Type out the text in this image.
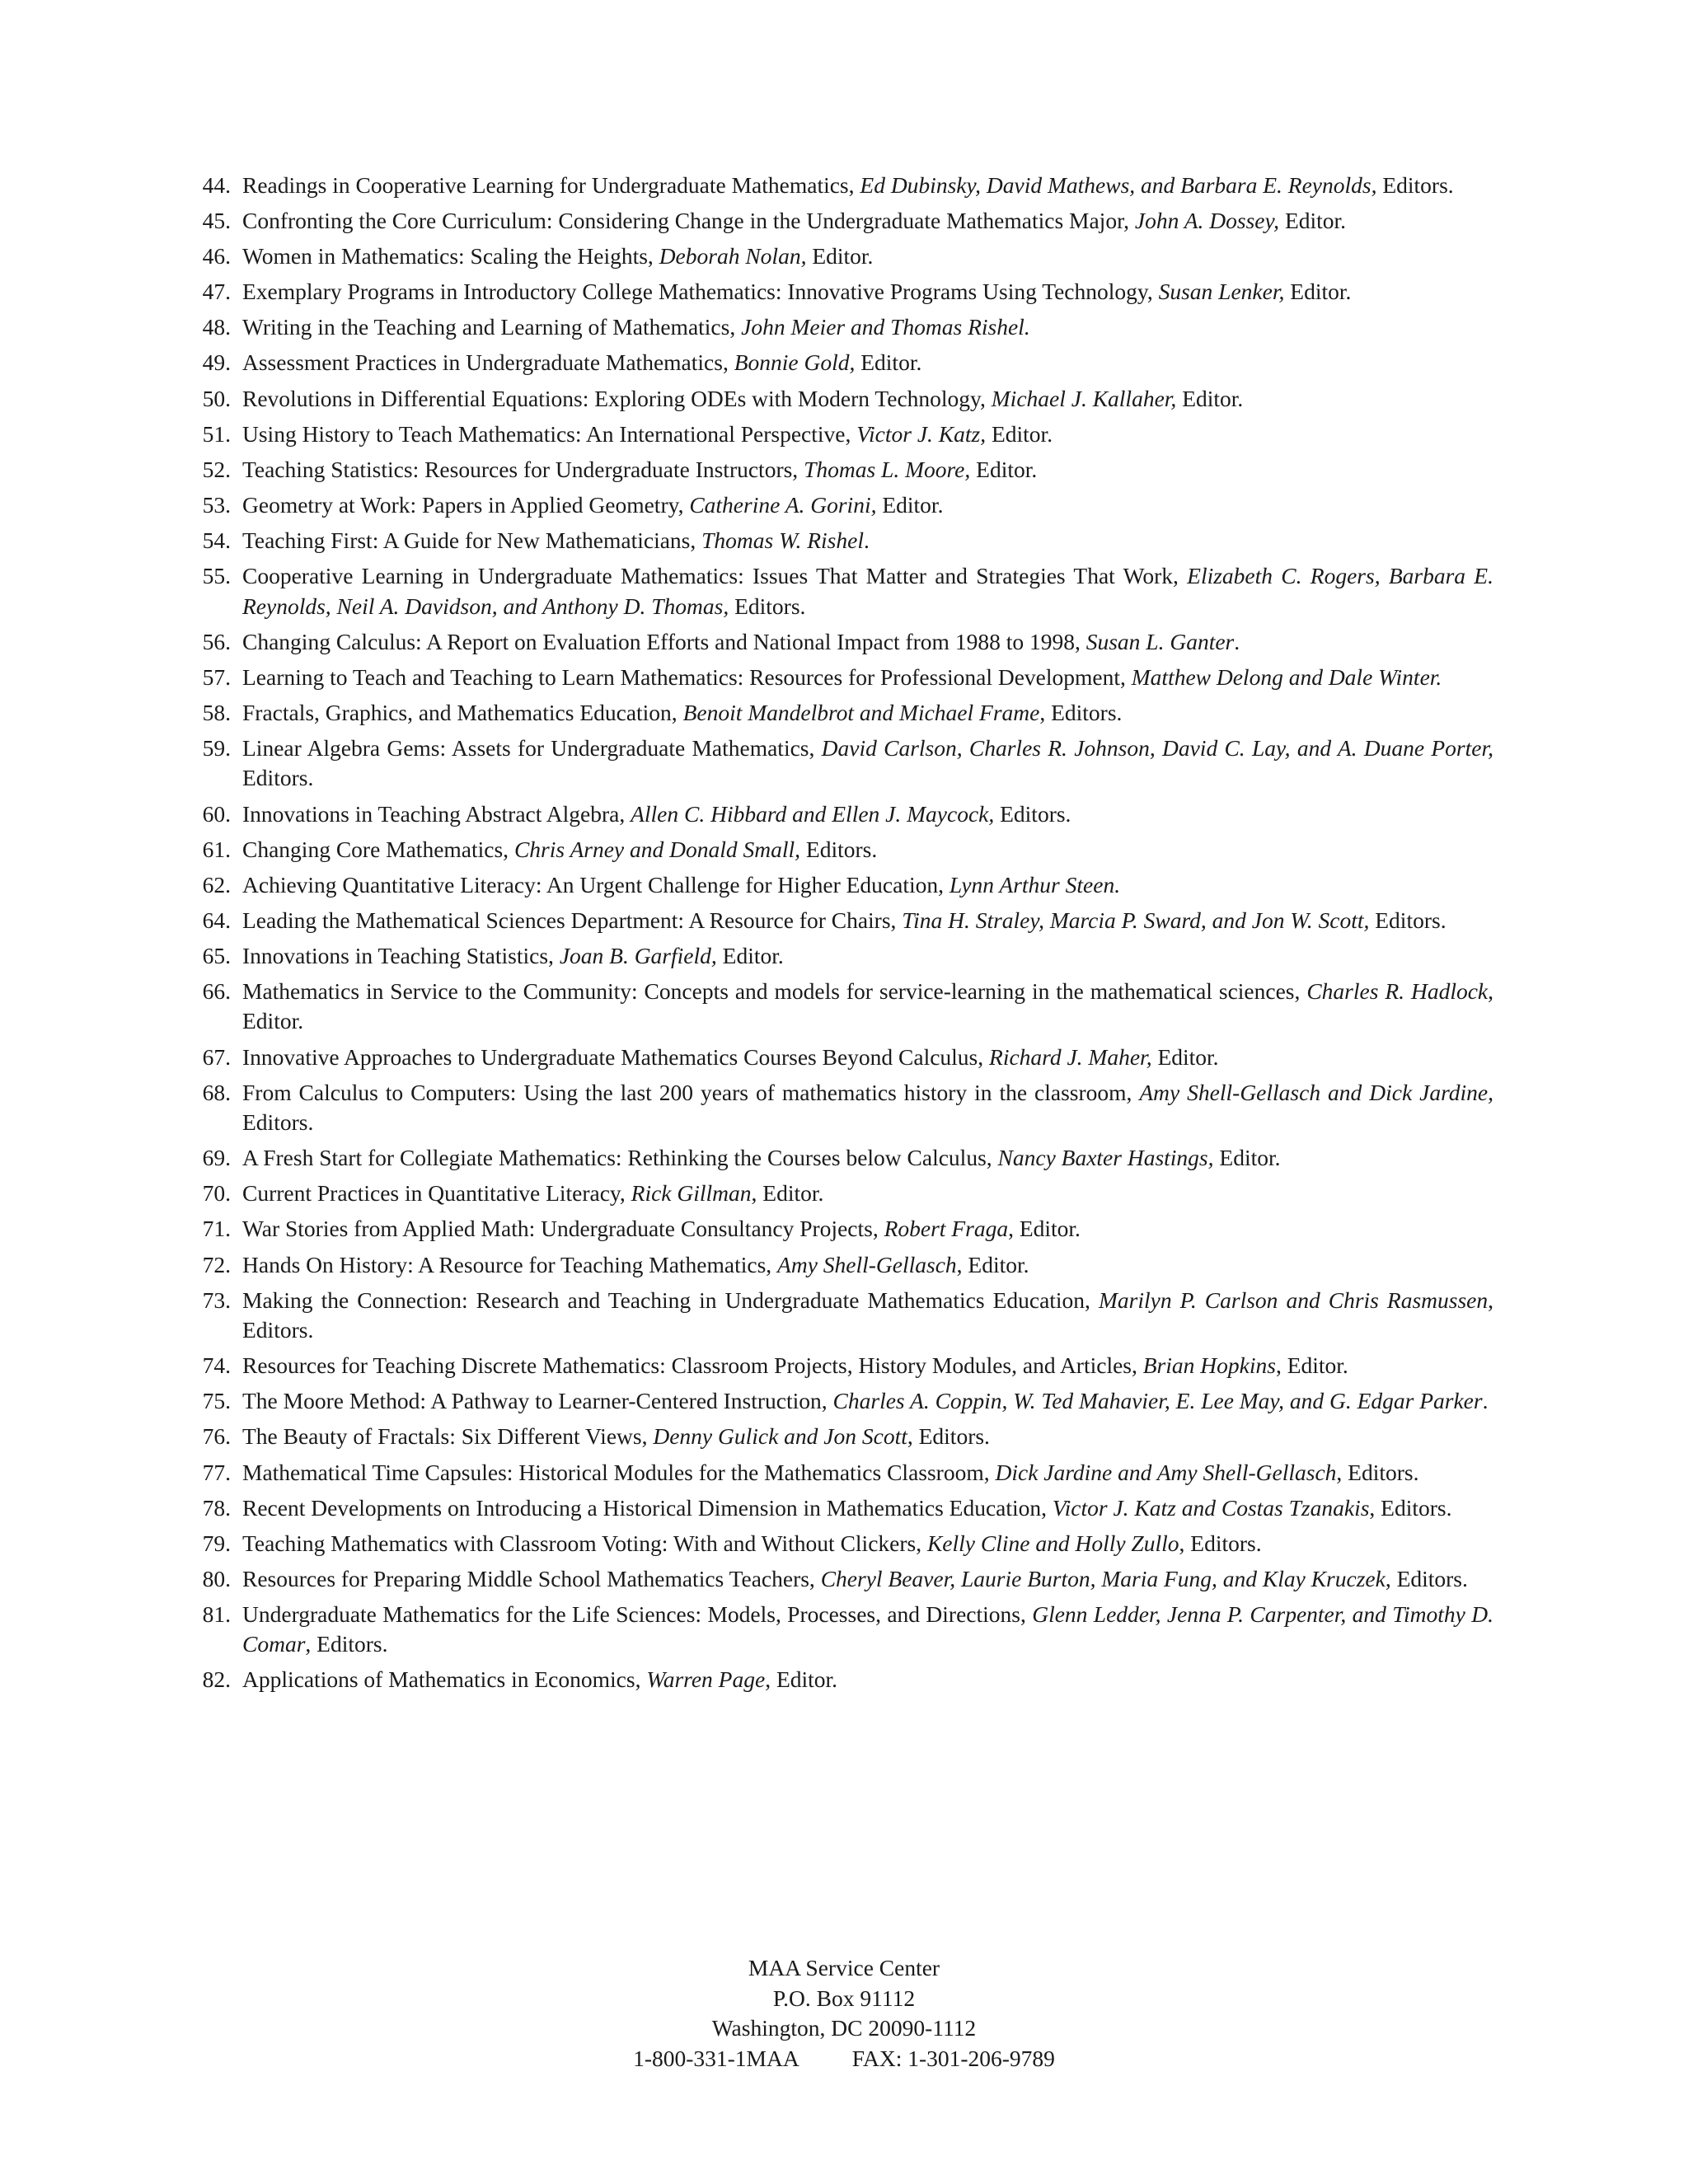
44. Readings in Cooperative Learning for Undergraduate Mathematics, Ed Dubinsky, David Mathews, and Barbara E. Reynolds, Editors.
45. Confronting the Core Curriculum: Considering Change in the Undergraduate Mathematics Major, John A. Dossey, Editor.
46. Women in Mathematics: Scaling the Heights, Deborah Nolan, Editor.
47. Exemplary Programs in Introductory College Mathematics: Innovative Programs Using Technology, Susan Lenker, Editor.
48. Writing in the Teaching and Learning of Mathematics, John Meier and Thomas Rishel.
49. Assessment Practices in Undergraduate Mathematics, Bonnie Gold, Editor.
50. Revolutions in Differential Equations: Exploring ODEs with Modern Technology, Michael J. Kallaher, Editor.
51. Using History to Teach Mathematics: An International Perspective, Victor J. Katz, Editor.
52. Teaching Statistics: Resources for Undergraduate Instructors, Thomas L. Moore, Editor.
53. Geometry at Work: Papers in Applied Geometry, Catherine A. Gorini, Editor.
54. Teaching First: A Guide for New Mathematicians, Thomas W. Rishel.
55. Cooperative Learning in Undergraduate Mathematics: Issues That Matter and Strategies That Work, Elizabeth C. Rogers, Barbara E. Reynolds, Neil A. Davidson, and Anthony D. Thomas, Editors.
56. Changing Calculus: A Report on Evaluation Efforts and National Impact from 1988 to 1998, Susan L. Ganter.
57. Learning to Teach and Teaching to Learn Mathematics: Resources for Professional Development, Matthew Delong and Dale Winter.
58. Fractals, Graphics, and Mathematics Education, Benoit Mandelbrot and Michael Frame, Editors.
59. Linear Algebra Gems: Assets for Undergraduate Mathematics, David Carlson, Charles R. Johnson, David C. Lay, and A. Duane Porter, Editors.
60. Innovations in Teaching Abstract Algebra, Allen C. Hibbard and Ellen J. Maycock, Editors.
61. Changing Core Mathematics, Chris Arney and Donald Small, Editors.
62. Achieving Quantitative Literacy: An Urgent Challenge for Higher Education, Lynn Arthur Steen.
64. Leading the Mathematical Sciences Department: A Resource for Chairs, Tina H. Straley, Marcia P. Sward, and Jon W. Scott, Editors.
65. Innovations in Teaching Statistics, Joan B. Garfield, Editor.
66. Mathematics in Service to the Community: Concepts and models for service-learning in the mathematical sciences, Charles R. Hadlock, Editor.
67. Innovative Approaches to Undergraduate Mathematics Courses Beyond Calculus, Richard J. Maher, Editor.
68. From Calculus to Computers: Using the last 200 years of mathematics history in the classroom, Amy Shell-Gellasch and Dick Jardine, Editors.
69. A Fresh Start for Collegiate Mathematics: Rethinking the Courses below Calculus, Nancy Baxter Hastings, Editor.
70. Current Practices in Quantitative Literacy, Rick Gillman, Editor.
71. War Stories from Applied Math: Undergraduate Consultancy Projects, Robert Fraga, Editor.
72. Hands On History: A Resource for Teaching Mathematics, Amy Shell-Gellasch, Editor.
73. Making the Connection: Research and Teaching in Undergraduate Mathematics Education, Marilyn P. Carlson and Chris Rasmussen, Editors.
74. Resources for Teaching Discrete Mathematics: Classroom Projects, History Modules, and Articles, Brian Hopkins, Editor.
75. The Moore Method: A Pathway to Learner-Centered Instruction, Charles A. Coppin, W. Ted Mahavier, E. Lee May, and G. Edgar Parker.
76. The Beauty of Fractals: Six Different Views, Denny Gulick and Jon Scott, Editors.
77. Mathematical Time Capsules: Historical Modules for the Mathematics Classroom, Dick Jardine and Amy Shell-Gellasch, Editors.
78. Recent Developments on Introducing a Historical Dimension in Mathematics Education, Victor J. Katz and Costas Tzanakis, Editors.
79. Teaching Mathematics with Classroom Voting: With and Without Clickers, Kelly Cline and Holly Zullo, Editors.
80. Resources for Preparing Middle School Mathematics Teachers, Cheryl Beaver, Laurie Burton, Maria Fung, and Klay Kruczek, Editors.
81. Undergraduate Mathematics for the Life Sciences: Models, Processes, and Directions, Glenn Ledder, Jenna P. Carpenter, and Timothy D. Comar, Editors.
82. Applications of Mathematics in Economics, Warren Page, Editor.
MAA Service Center
P.O. Box 91112
Washington, DC 20090-1112
1-800-331-1MAA FAX: 1-301-206-9789
